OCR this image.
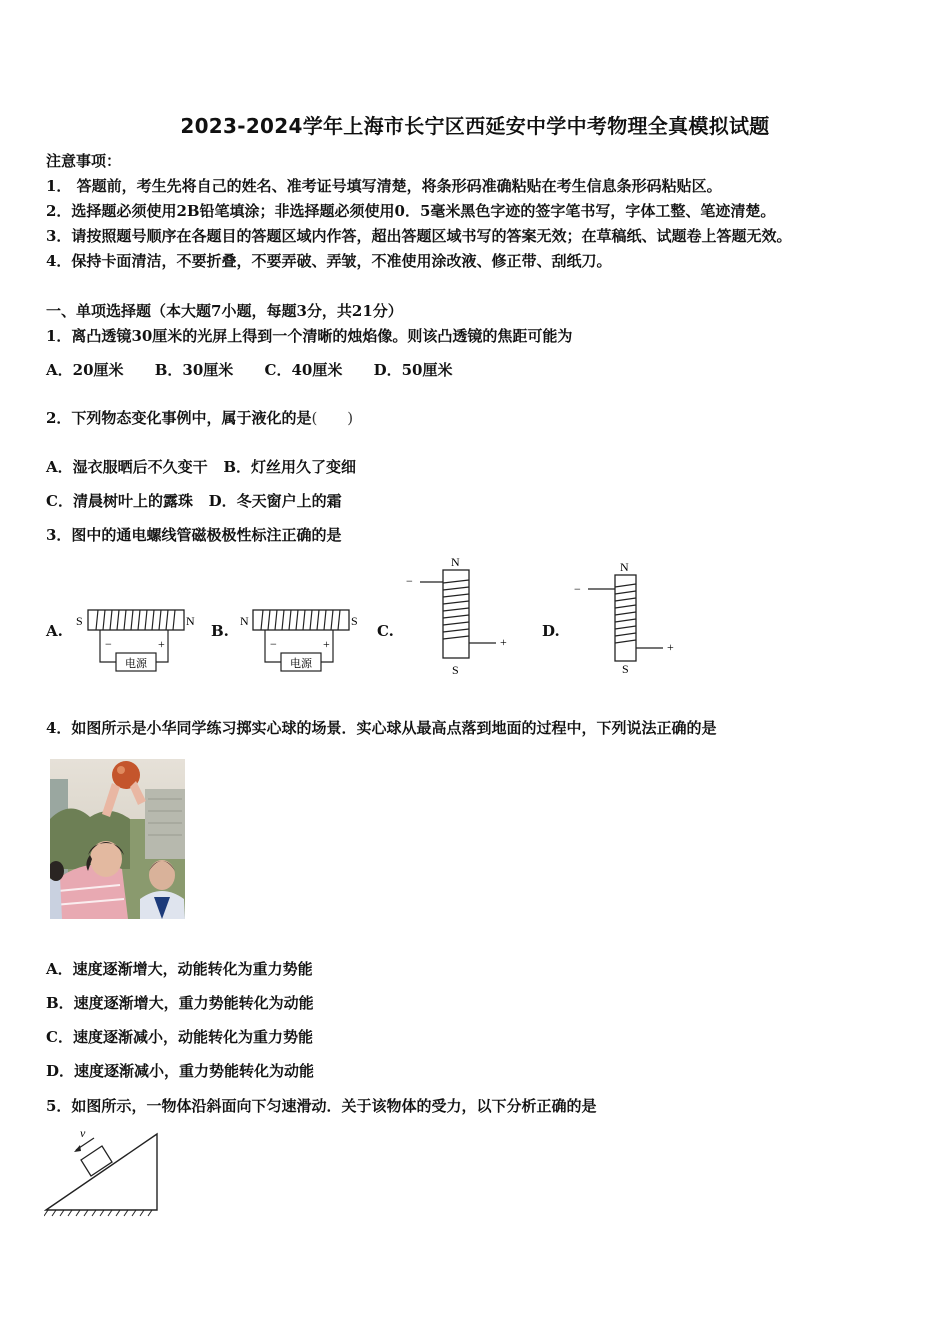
2023-2024学年上海市长宁区西延安中学中考物理全真模拟试题
注意事项：
1． 答题前，考生先将自己的姓名、准考证号填写清楚，将条形码准确粘贴在考生信息条形码粘贴区。
2．选择题必须使用2B铅笔填涂；非选择题必须使用0．5毫米黑色字迹的签字笔书写，字体工整、笔迹清楚。
3．请按照题号顺序在各题目的答题区域内作答，超出答题区域书写的答案无效；在草稿纸、试题卷上答题无效。
4．保持卡面清洁，不要折叠，不要弄破、弄皱，不准使用涂改液、修正带、刮纸刀。
一、单项选择题（本大题7小题，每题3分，共21分）
1．离凸透镜30厘米的光屏上得到一个清晰的烛焰像。则该凸透镜的焦距可能为
A．20厘米 B．30厘米 C．40厘米 D．50厘米
2．下列物态变化事例中，属于液化的是(　　)
A．湿衣服晒后不久变干 B．灯丝用久了变细
C．清晨树叶上的露珠 D．冬天窗户上的霜
3．图中的通电螺线管磁极极性标注正确的是
A.	B.	C.	D.
电源
S	N
−	+
电源
N	S
−	+
N
−
+
S
N
−
+
S
4．如图所示是小华同学练习掷实心球的场景．实心球从最高点落到地面的过程中，下列说法正确的是
A．速度逐渐增大，动能转化为重力势能
B．速度逐渐增大，重力势能转化为动能
C．速度逐渐减小，动能转化为重力势能
D．速度逐渐减小，重力势能转化为动能
5．如图所示，一物体沿斜面向下匀速滑动．关于该物体的受力，以下分析正确的是
v
